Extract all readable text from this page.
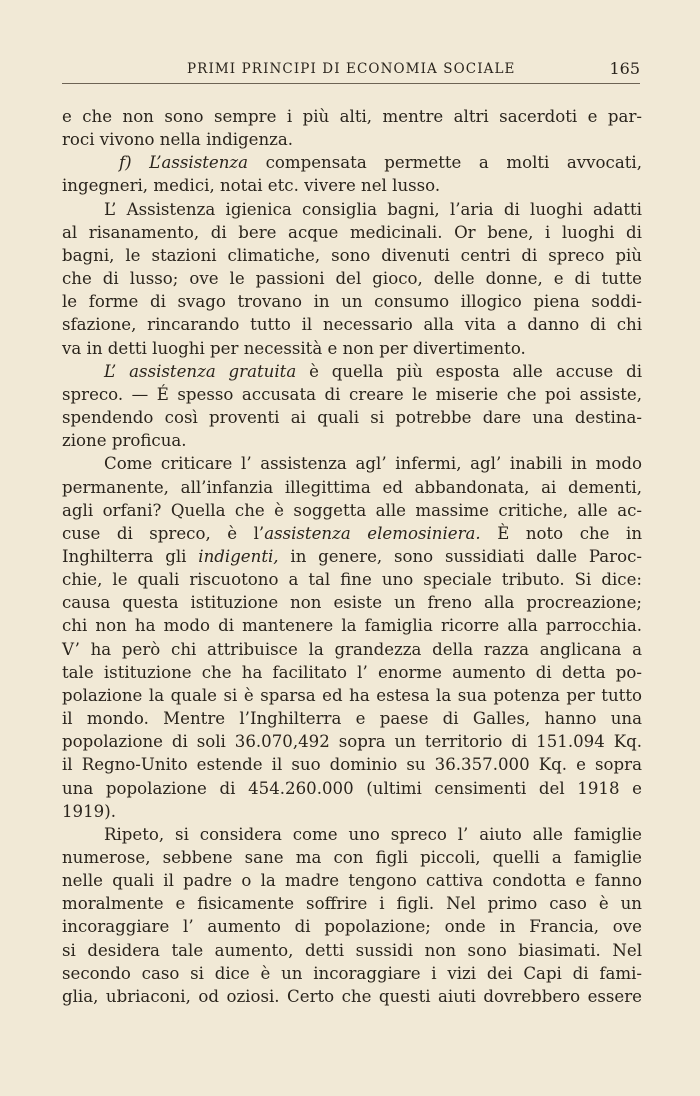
PRIMI PRINCIPI DI ECONOMIA SOCIALE	165

e che non sono sempre i più alti, mentre altri sacerdoti e par-

roci vivono nella indigenza.

f) L’assistenza compensata permette a molti avvocati,

ingegneri, medici, notai etc. vivere nel lusso.

L’ Assistenza igienica consiglia bagni, l’aria di luoghi adatti

al risanamento, di bere acque medicinali. Or bene, i luoghi di

bagni, le stazioni climatiche, sono divenuti centri di spreco più

che di lusso; ove le passioni del gioco, delle donne, e di tutte

le forme di svago trovano in un consumo illogico piena soddi-

sfazione, rincarando tutto il necessario alla vita a danno di chi

va in detti luoghi per necessità e non per divertimento.

L’ assistenza gratuita è quella più esposta alle accuse di

spreco. — É spesso accusata di creare le miserie che poi assiste,

spendendo così proventi ai quali si potrebbe dare una destina-

zione proficua.

Come criticare l’ assistenza agl’ infermi, agl’ inabili in modo

permanente, all’infanzia illegittima ed abbandonata, ai dementi,

agli orfani? Quella che è soggetta alle massime critiche, alle ac-

cuse di spreco, è l’assistenza elemosiniera. È noto che in

Inghilterra gli indigenti, in genere, sono sussidiati dalle Paroc-

chie, le quali riscuotono a tal fine uno speciale tributo. Si dice:

causa questa istituzione non esiste un freno alla procreazione;

chi non ha modo di mantenere la famiglia ricorre alla parrocchia.

V’ ha però chi attribuisce la grandezza della razza anglicana a

tale istituzione che ha facilitato l’ enorme aumento di detta po-

polazione la quale si è sparsa ed ha estesa la sua potenza per tutto

il mondo. Mentre l’Inghilterra e paese di Galles, hanno una

popolazione di soli 36.070,492 sopra un territorio di 151.094 Kq.

il Regno-Unito estende il suo dominio su 36.357.000 Kq. e sopra

una popolazione di 454.260.000 (ultimi censimenti del 1918 e 1919).

Ripeto, si considera come uno spreco l’ aiuto alle famiglie

numerose, sebbene sane ma con figli piccoli, quelli a famiglie

nelle quali il padre o la madre tengono cattiva condotta e fanno

moralmente e fisicamente soffrire i figli. Nel primo caso è un

incoraggiare l’ aumento di popolazione; onde in Francia, ove

si desidera tale aumento, detti sussidi non sono biasimati. Nel

secondo caso si dice è un incoraggiare i vizi dei Capi di fami-

glia, ubriaconi, od oziosi. Certo che questi aiuti dovrebbero essere
